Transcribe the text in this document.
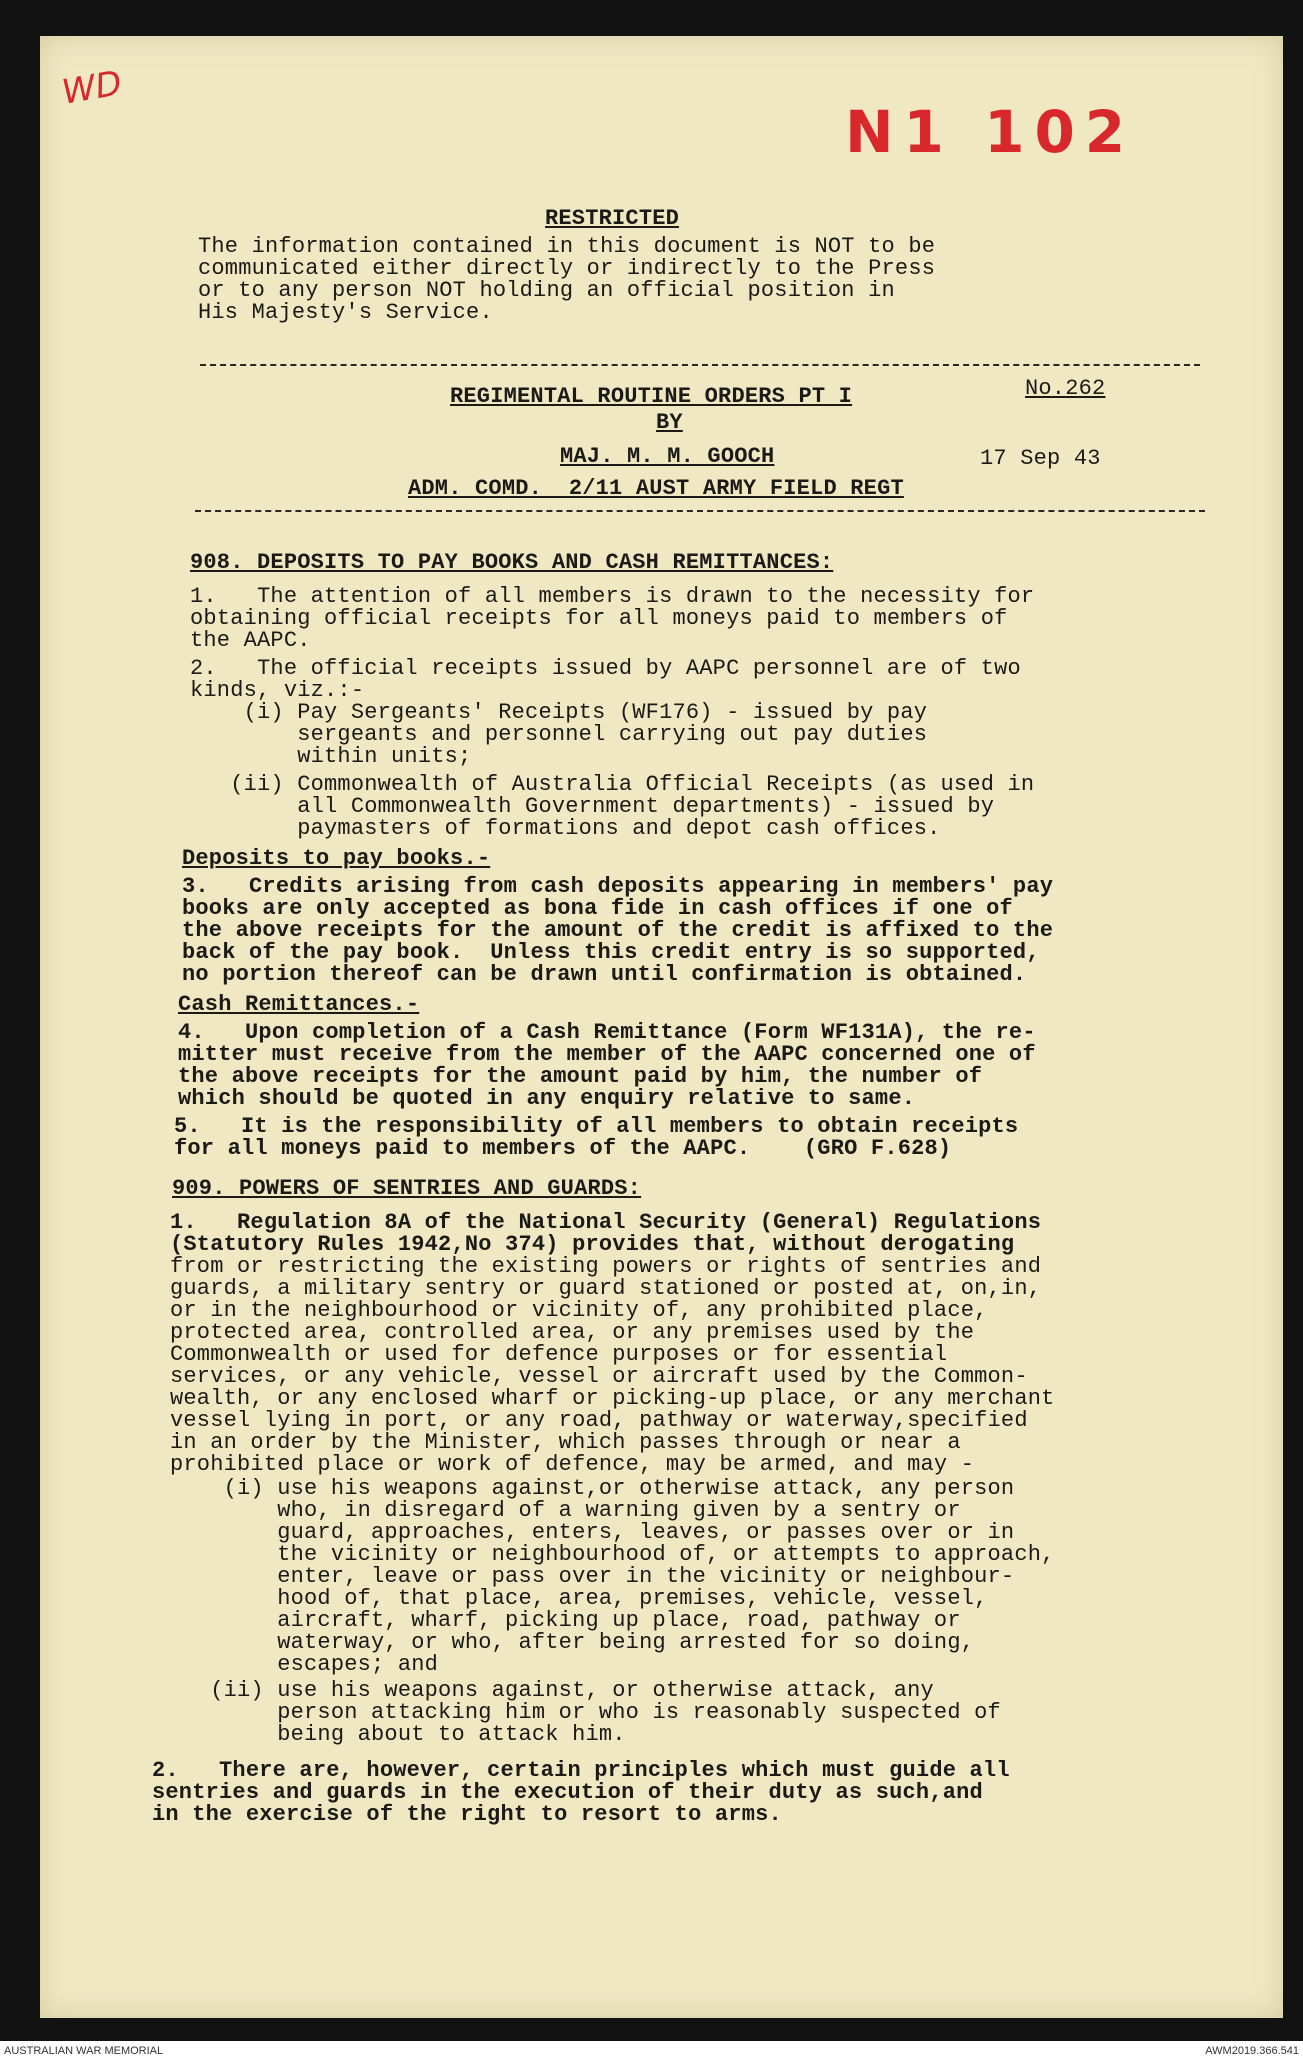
WD
N1 102
RESTRICTED
The information contained in this document is NOT to be
communicated either directly or indirectly to the Press
or to any person NOT holding an official position in
His Majesty's Service.
REGIMENTAL ROUTINE ORDERS PT I	No.262
BY
MAJ. M. M. GOOCH	17 Sep 43
ADM. COMD.  2/11 AUST ARMY FIELD REGT
908. DEPOSITS TO PAY BOOKS AND CASH REMITTANCES:
1.   The attention of all members is drawn to the necessity for
obtaining official receipts for all moneys paid to members of
the AAPC.
2.   The official receipts issued by AAPC personnel are of two
kinds, viz.:-
(i) Pay Sergeants' Receipts (WF176) - issued by pay
sergeants and personnel carrying out pay duties
within units;
(ii) Commonwealth of Australia Official Receipts (as used in
all Commonwealth Government departments) - issued by
paymasters of formations and depot cash offices.
Deposits to pay books.-
3.   Credits arising from cash deposits appearing in members' pay
books are only accepted as bona fide in cash offices if one of
the above receipts for the amount of the credit is affixed to the
back of the pay book.  Unless this credit entry is so supported,
no portion thereof can be drawn until confirmation is obtained.
Cash Remittances.-
4.   Upon completion of a Cash Remittance (Form WF131A), the re-
mitter must receive from the member of the AAPC concerned one of
the above receipts for the amount paid by him, the number of
which should be quoted in any enquiry relative to same.
5.   It is the responsibility of all members to obtain receipts
for all moneys paid to members of the AAPC.    (GRO F.628)
909. POWERS OF SENTRIES AND GUARDS:
1.   Regulation 8A of the National Security (General) Regulations
(Statutory Rules 1942,No 374) provides that, without derogating
from or restricting the existing powers or rights of sentries and
guards, a military sentry or guard stationed or posted at, on,in,
or in the neighbourhood or vicinity of, any prohibited place,
protected area, controlled area, or any premises used by the
Commonwealth or used for defence purposes or for essential
services, or any vehicle, vessel or aircraft used by the Common-
wealth, or any enclosed wharf or picking-up place, or any merchant
vessel lying in port, or any road, pathway or waterway,specified
in an order by the Minister, which passes through or near a
prohibited place or work of defence, may be armed, and may -
(i) use his weapons against,or otherwise attack, any person
who, in disregard of a warning given by a sentry or
guard, approaches, enters, leaves, or passes over or in
the vicinity or neighbourhood of, or attempts to approach,
enter, leave or pass over in the vicinity or neighbour-
hood of, that place, area, premises, vehicle, vessel,
aircraft, wharf, picking up place, road, pathway or
waterway, or who, after being arrested for so doing,
escapes; and
(ii) use his weapons against, or otherwise attack, any
person attacking him or who is reasonably suspected of
being about to attack him.
2.   There are, however, certain principles which must guide all
sentries and guards in the execution of their duty as such,and
in the exercise of the right to resort to arms.
AUSTRALIAN WAR MEMORIAL	AWM2019.366.541
